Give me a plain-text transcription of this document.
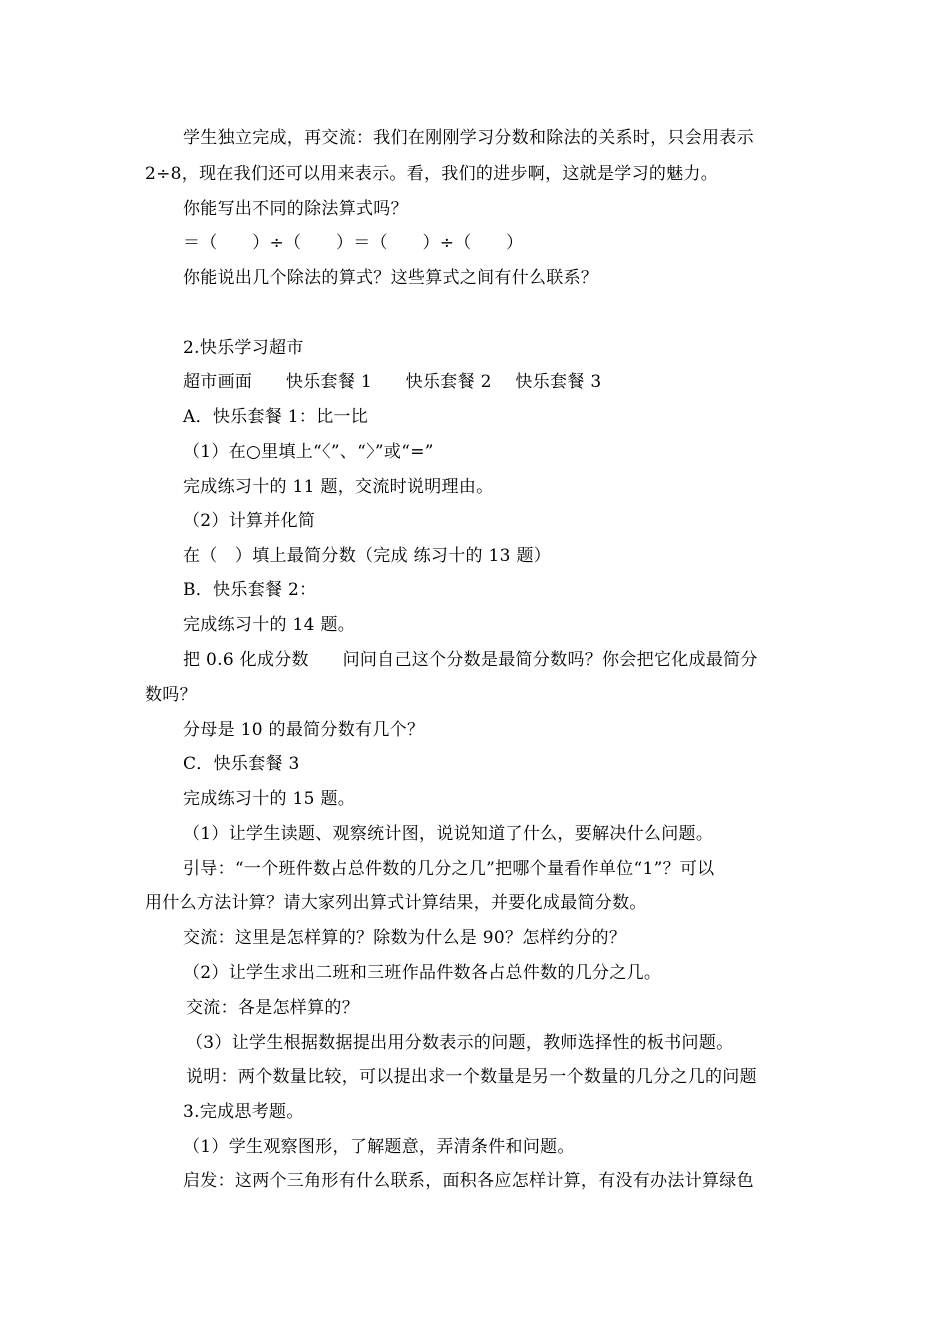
学生独立完成，再交流：我们在刚刚学习分数和除法的关系时，只会用表示
2÷8，现在我们还可以用来表示。看，我们的进步啊，这就是学习的魅力。
你能写出不同的除法算式吗？
＝（　　）÷（　　）＝（　　）÷（　　）
你能说出几个除法的算式？这些算式之间有什么联系？
2.快乐学习超市
超市画面 快乐套餐 1 快乐套餐 2 快乐套餐 3
A．快乐套餐 1：比一比
（1）在○里填上“〈”、“〉”或“=”
完成练习十的 11 题，交流时说明理由。
（2）计算并化简
在（　）填上最简分数（完成 练习十的 13 题）
B．快乐套餐 2：
完成练习十的 14 题。
把 0.6 化成分数 问问自己这个分数是最简分数吗？你会把它化成最简分
数吗？
分母是 10 的最简分数有几个？
C．快乐套餐 3
完成练习十的 15 题。
（1）让学生读题、观察统计图，说说知道了什么，要解决什么问题。
引导：“一个班件数占总件数的几分之几”把哪个量看作单位“1”？可以
用什么方法计算？请大家列出算式计算结果，并要化成最简分数。
交流：这里是怎样算的？除数为什么是 90？怎样约分的？
（2）让学生求出二班和三班作品件数各占总件数的几分之几。
交流：各是怎样算的？
（3）让学生根据数据提出用分数表示的问题，教师选择性的板书问题。
说明：两个数量比较，可以提出求一个数量是另一个数量的几分之几的问题
3.完成思考题。
（1）学生观察图形，了解题意，弄清条件和问题。
启发：这两个三角形有什么联系，面积各应怎样计算，有没有办法计算绿色
